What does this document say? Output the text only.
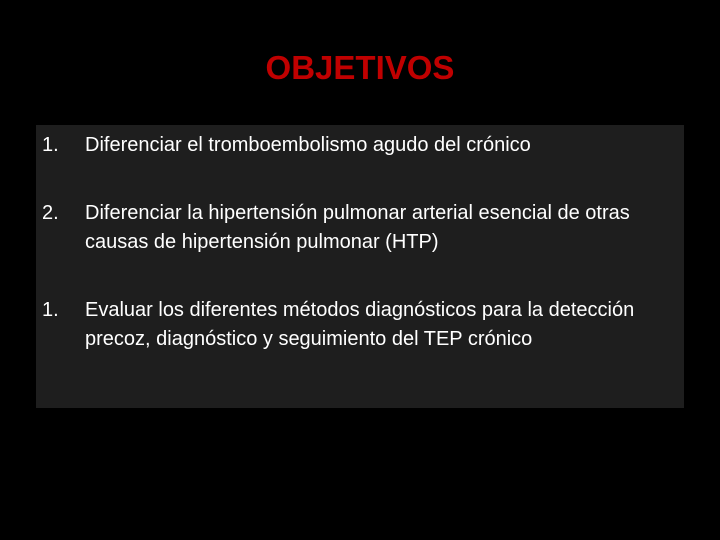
OBJETIVOS
1.	Diferenciar el tromboembolismo agudo del crónico
2.	Diferenciar la hipertensión pulmonar arterial esencial de otras causas de hipertensión pulmonar (HTP)
1.	Evaluar los diferentes métodos diagnósticos para la detección precoz, diagnóstico y seguimiento del TEP crónico
